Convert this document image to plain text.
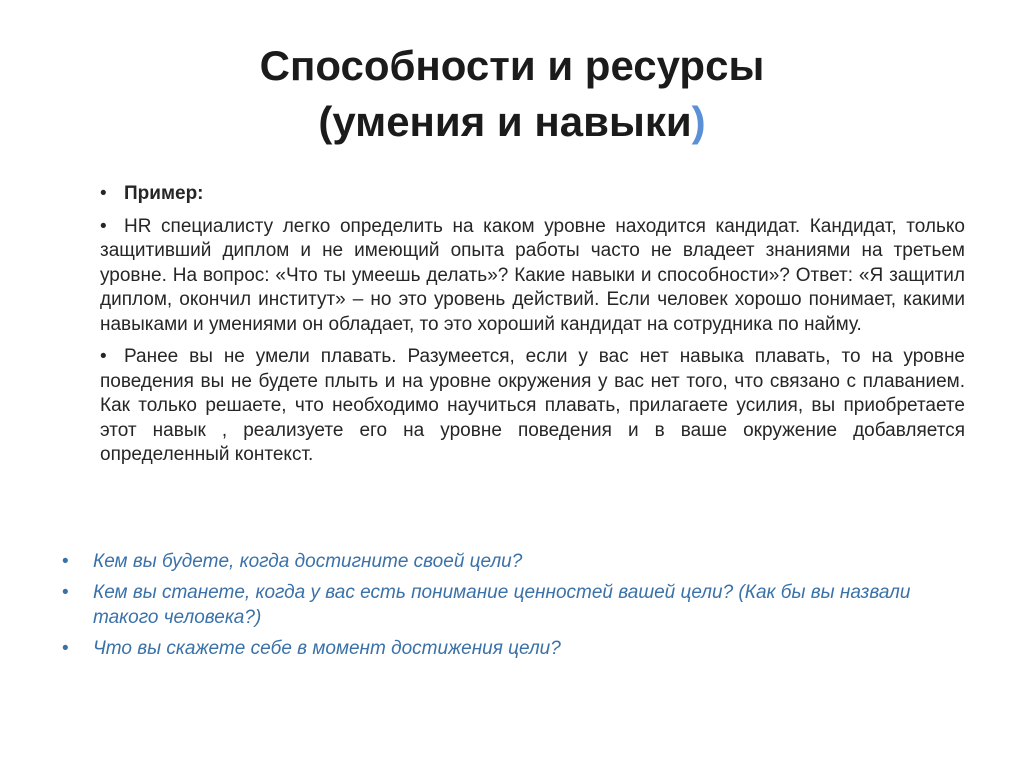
Способности и ресурсы
(умения и навыки)

• Пример:

• HR специалисту легко определить на каком уровне находится кандидат. Кандидат, только защитивший диплом и не имеющий опыта работы часто не владеет знаниями на третьем уровне. На вопрос: «Что ты умеешь делать»? Какие навыки и способности»? Ответ: «Я защитил диплом, окончил институт» – но это уровень действий. Если человек хорошо понимает, какими навыками и умениями он обладает, то это хороший кандидат на сотрудника по найму.

• Ранее вы не умели плавать. Разумеется, если у вас нет навыка плавать, то на уровне поведения вы не будете плыть и на уровне окружения у вас нет того, что связано с плаванием. Как только решаете, что необходимо научиться плавать, прилагаете усилия, вы приобретаете этот навык , реализуете его на уровне поведения и в ваше окружение добавляется определенный контекст.

• Кем вы будете, когда достигните своей цели?
• Кем вы станете, когда у вас есть понимание ценностей вашей цели? (Как бы вы назвали такого человека?)
• Что вы скажете себе в момент достижения цели?
